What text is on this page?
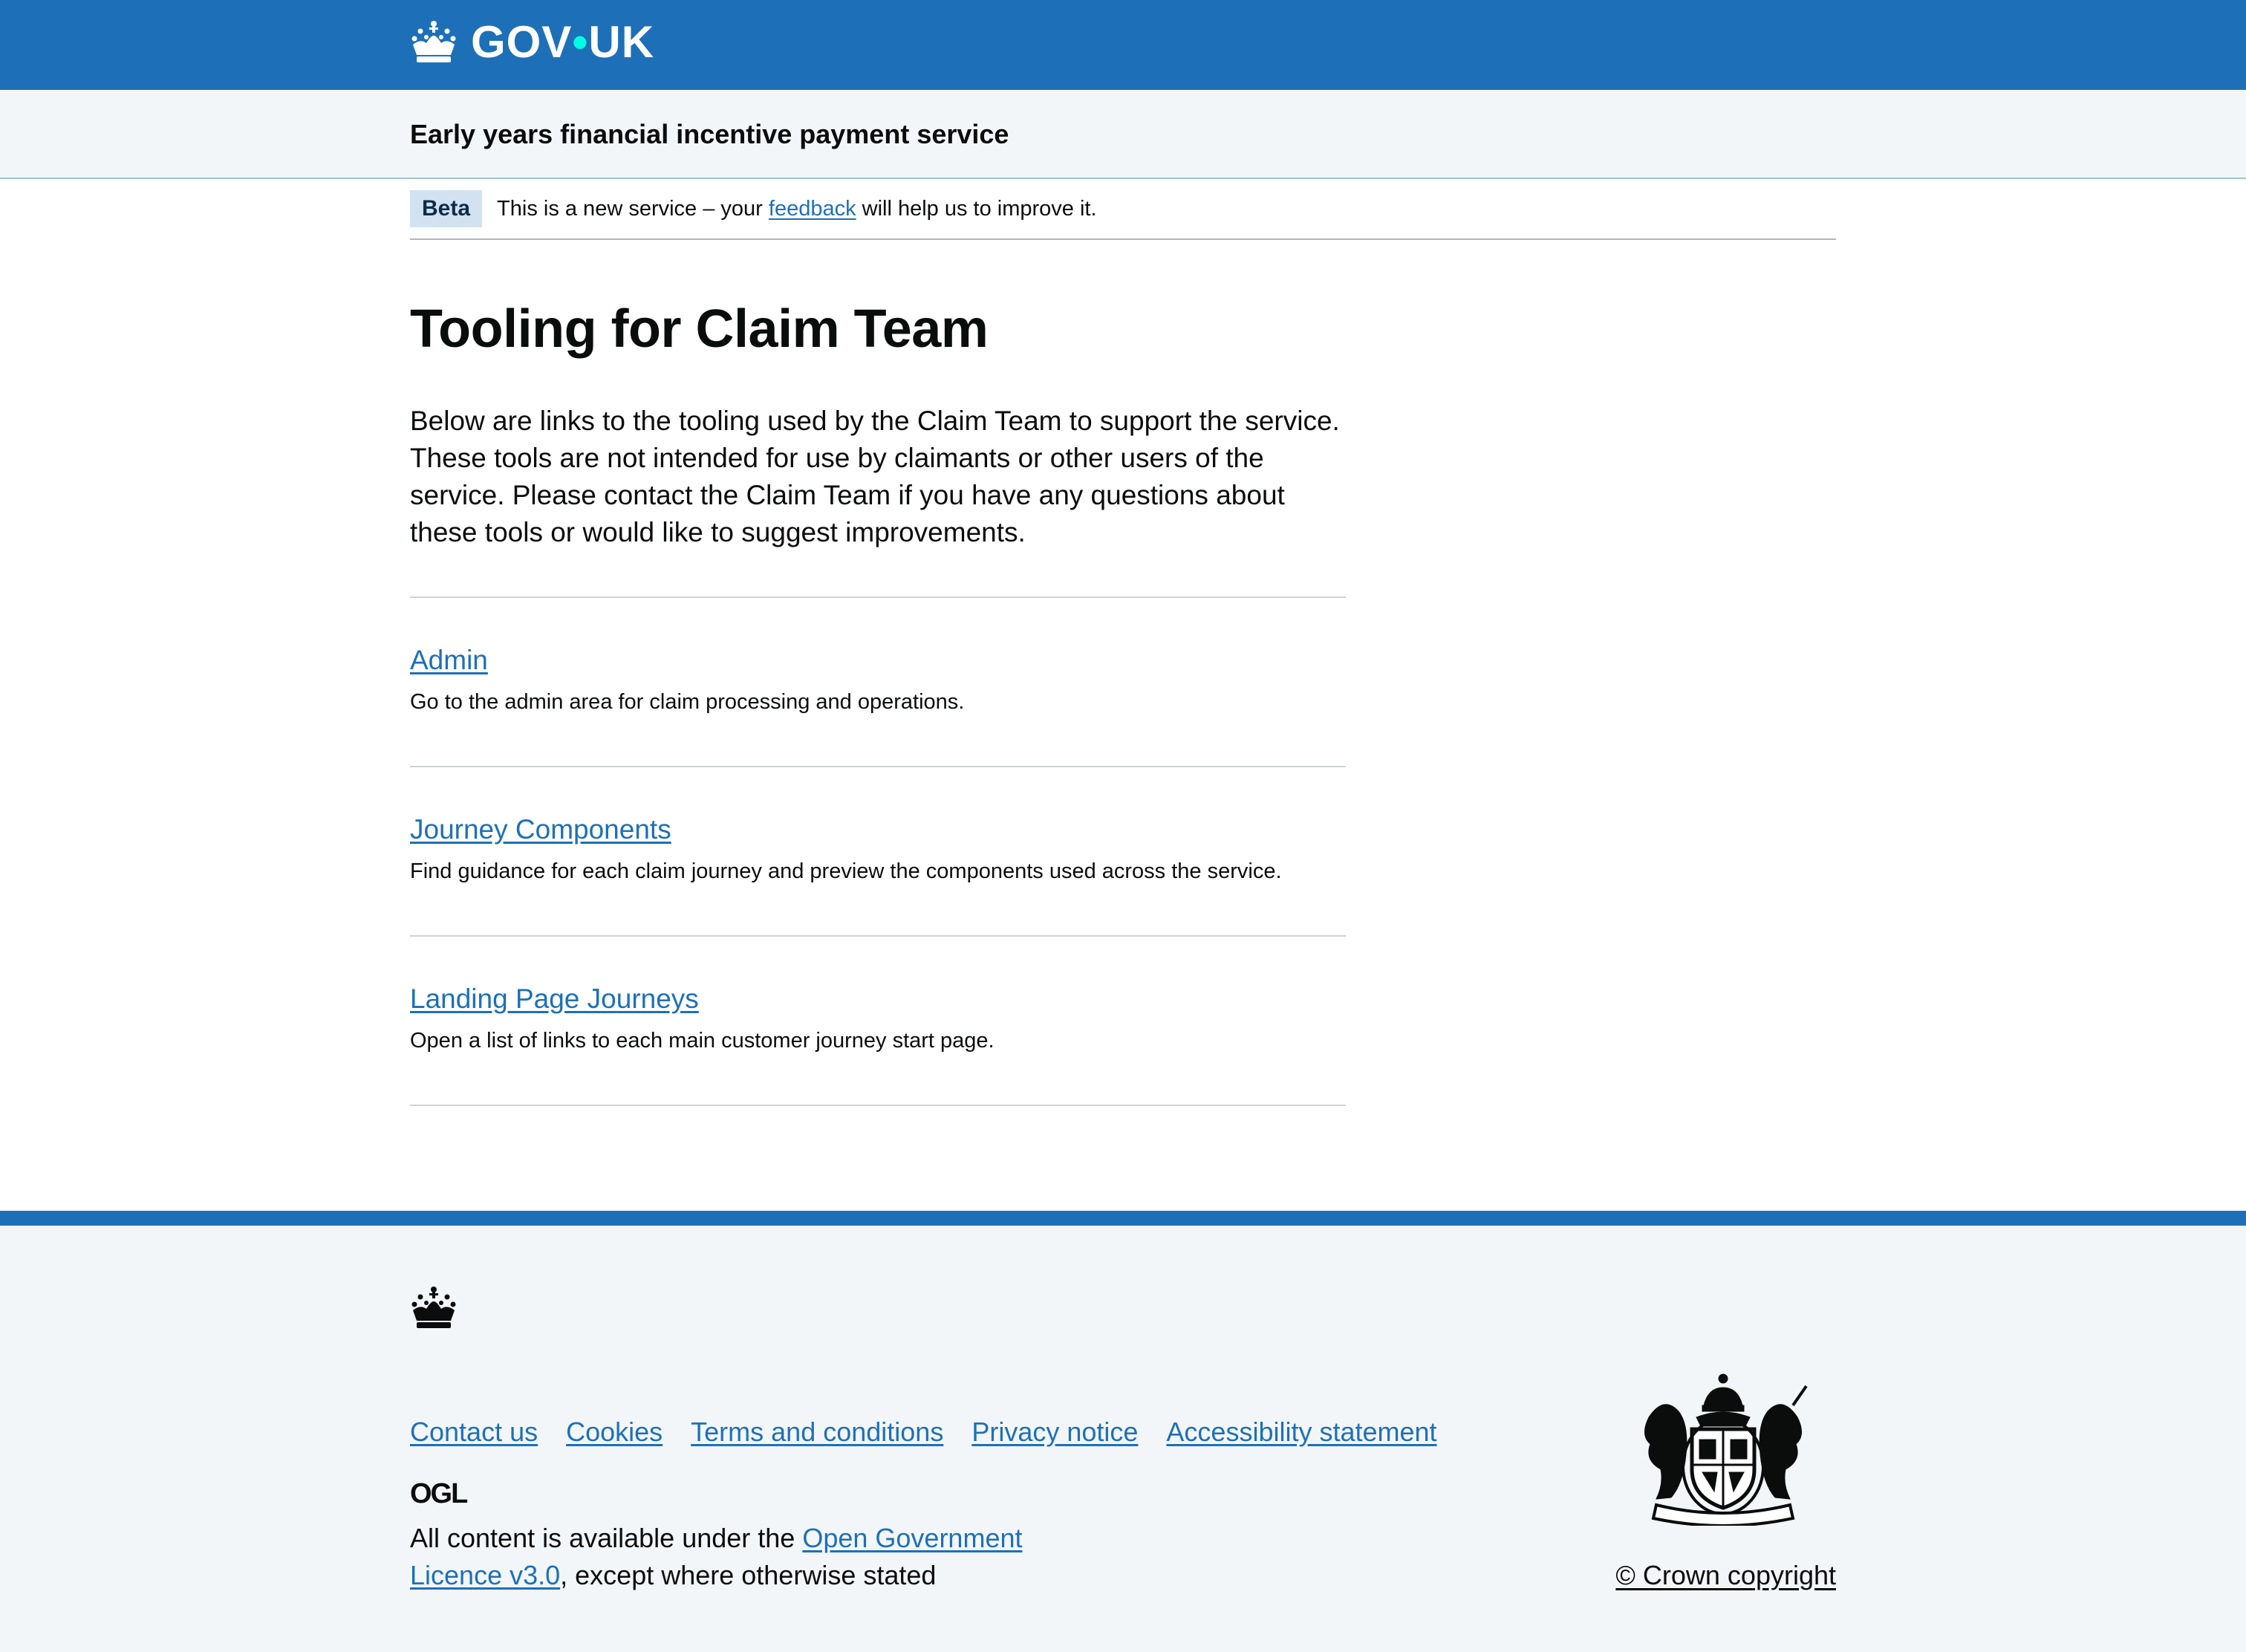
GOV•UK
Early years financial incentive payment service
Beta	This is a new service – your feedback will help us to improve it.
Tooling for Claim Team

Below are links to the tooling used by the Claim Team to support the service. These tools are not intended for use by claimants or other users of the service. Please contact the Claim Team if you have any questions about these tools or would like to suggest improvements.

Admin

Go to the admin area for claim processing and operations.

Journey Components

Find guidance for each claim journey and preview the components used across the service.

Landing Page Journeys

Open a list of links to each main customer journey start page.

Contact us Cookies Terms and conditions Privacy notice Accessibility statement
OGL

All content is available under the Open Government Licence v3.0, except where otherwise stated	© Crown copyright
